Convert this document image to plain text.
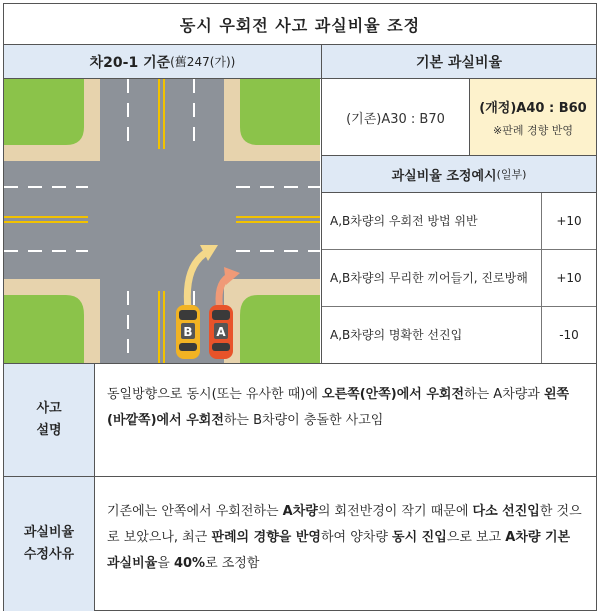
동시 우회전 사고 과실비율 조정
차20-1 기준 (舊247(가))
B A
기본 과실비율
(기존)A30 : B70
(개정)A40 : B60
※판례 경향 반영
과실비율 조정예시 (일부)
A,B차량의 우회전 방법 위반	+10
A,B차량의 무리한 끼어들기, 진로방해	+10
A,B차량의 명확한 선진입	-10
사고
설명
동일방향으로 동시(또는 유사한 때)에 오른쪽(안쪽)에서 우회전하는 A차량과 왼쪽(바깥쪽)에서 우회전하는 B차량이 충돌한 사고임
과실비율
수정사유
기존에는 안쪽에서 우회전하는 A차량의 회전반경이 작기 때문에 다소 선진입한 것으로 보았으나, 최근 판례의 경향을 반영하여 양차량 동시 진입으로 보고 A차량 기본 과실비율을 40%로 조정함
